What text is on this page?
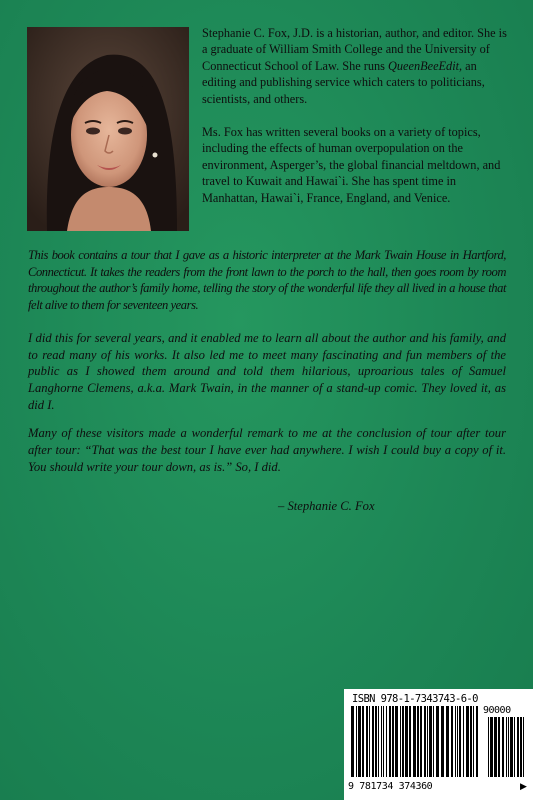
Stephanie C. Fox, J.D. is a historian, author, and editor. She is a graduate of William Smith College and the University of Connecticut School of Law. She runs QueenBeeEdit, an editing and publishing service which caters to politicians, scientists, and others.

Ms. Fox has written several books on a variety of topics, including the effects of human overpopulation on the environment, Asperger’s, the global financial meltdown, and travel to Kuwait and Hawai`i. She has spent time in Manhattan, Hawai`i, France, England, and Venice.

This book contains a tour that I gave as a historic interpreter at the Mark Twain House in Hartford, Connecticut. It takes the readers from the front lawn to the porch to the hall, then goes room by room throughout the author’s family home, telling the story of the wonderful life they all lived in a house that felt alive to them for seventeen years.

I did this for several years, and it enabled me to learn all about the author and his family, and to read many of his works. It also led me to meet many fascinating and fun members of the public as I showed them around and told them hilarious, uproarious tales of Samuel Langhorne Clemens, a.k.a. Mark Twain, in the manner of a stand-up comic. They loved it, as did I.

Many of these visitors made a wonderful remark to me at the conclusion of tour after tour after tour: “That was the best tour I have ever had anywhere. I wish I could buy a copy of it. You should write your tour down, as is.” So, I did.

– Stephanie C. Fox
ISBN 978-1-7343743-6-0
90000
9 781734 374360	▶
